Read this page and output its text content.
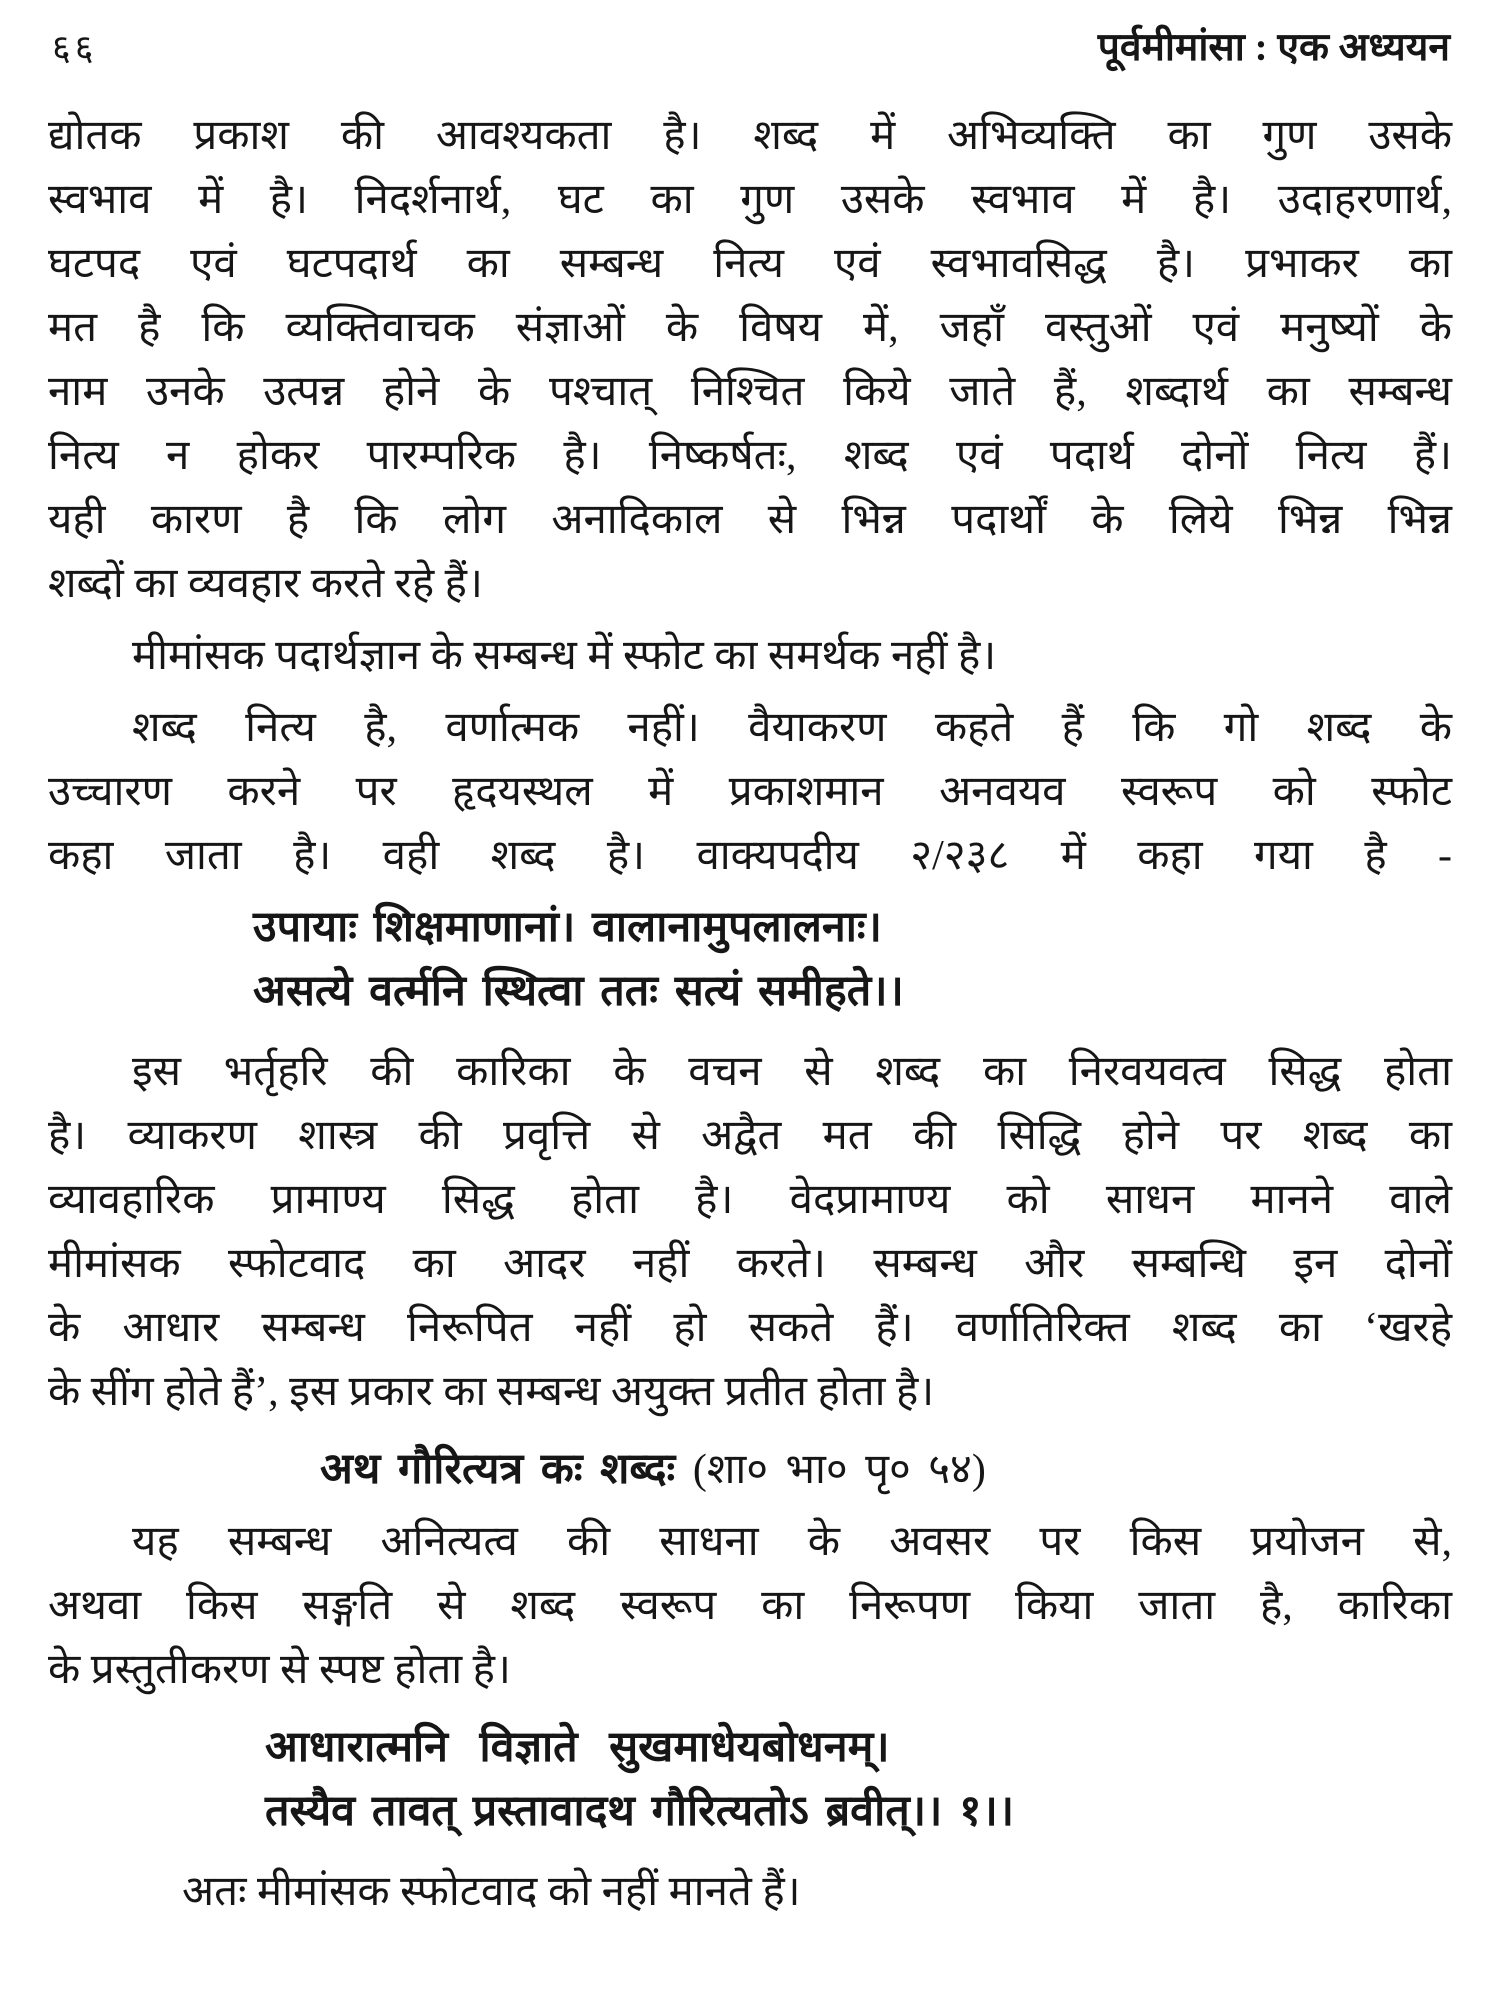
६६	पूर्वमीमांसा : एक अध्ययन
द्योतक प्रकाश की आवश्यकता है। शब्द में अभिव्यक्ति का गुण उसके
स्वभाव में है। निदर्शनार्थ, घट का गुण उसके स्वभाव में है। उदाहरणार्थ,
घटपद एवं घटपदार्थ का सम्बन्ध नित्य एवं स्वभावसिद्ध है। प्रभाकर का
मत है कि व्यक्तिवाचक संज्ञाओं के विषय में, जहाँ वस्तुओं एवं मनुष्यों के
नाम उनके उत्पन्न होने के पश्चात् निश्चित किये जाते हैं, शब्दार्थ का सम्बन्ध
नित्य न होकर पारम्परिक है। निष्कर्षतः, शब्द एवं पदार्थ दोनों नित्य हैं।
यही कारण है कि लोग अनादिकाल से भिन्न पदार्थों के लिये भिन्न भिन्न
शब्दों का व्यवहार करते रहे हैं।
मीमांसक पदार्थज्ञान के सम्बन्ध में स्फोट का समर्थक नहीं है।
शब्द नित्य है, वर्णात्मक नहीं। वैयाकरण कहते हैं कि गो शब्द के
उच्चारण करने पर हृदयस्थल में प्रकाशमान अनवयव स्वरूप को स्फोट
कहा जाता है। वही शब्द है। वाक्यपदीय २/२३८ में कहा गया है -
उपायाः शिक्षमाणानां। वालानामुपलालनाः।
असत्ये वर्त्मनि स्थित्वा ततः सत्यं समीहते।।
इस भर्तृहरि की कारिका के वचन से शब्द का निरवयवत्व सिद्ध होता
है। व्याकरण शास्त्र की प्रवृत्ति से अद्वैत मत की सिद्धि होने पर शब्द का
व्यावहारिक प्रामाण्य सिद्ध होता है। वेदप्रामाण्य को साधन मानने वाले
मीमांसक स्फोटवाद का आदर नहीं करते। सम्बन्ध और सम्बन्धि इन दोनों
के आधार सम्बन्ध निरूपित नहीं हो सकते हैं। वर्णातिरिक्त शब्द का ‘खरहे
के सींग होते हैं’, इस प्रकार का सम्बन्ध अयुक्त प्रतीत होता है।
अथ गौरित्यत्र कः शब्दः (शा० भा० पृ० ५४)
यह सम्बन्ध अनित्यत्व की साधना के अवसर पर किस प्रयोजन से,
अथवा किस सङ्गति से शब्द स्वरूप का निरूपण किया जाता है, कारिका
के प्रस्तुतीकरण से स्पष्ट होता है।
आधारात्मनि विज्ञाते सुखमाधेयबोधनम्।
तस्यैव तावत् प्रस्तावादथ गौरित्यतोऽ ब्रवीत्।। १।।
अतः मीमांसक स्फोटवाद को नहीं मानते हैं।
